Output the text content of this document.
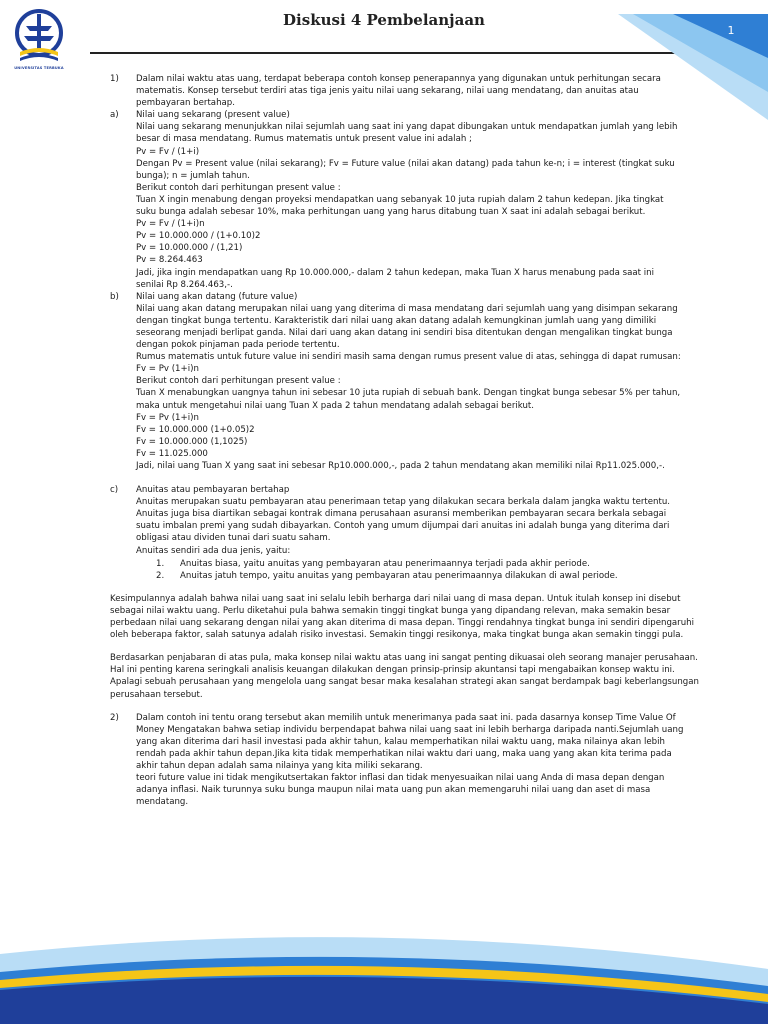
UNIVERSITAS TERBUKA
Diskusi 4 Pembelanjaan
1
1)	Dalam nilai waktu atas uang, terdapat beberapa contoh konsep penerapannya yang digunakan untuk perhitungan secara matematis. Konsep tersebut terdiri atas tiga jenis yaitu nilai uang sekarang, nilai uang mendatang, dan anuitas atau pembayaran bertahap.

a)	Nilai uang sekarang (present value)
Nilai uang sekarang menunjukkan nilai sejumlah uang saat ini yang dapat dibungakan untuk mendapatkan jumlah yang lebih besar di masa mendatang. Rumus matematis untuk present value ini adalah ;
Pv = Fv / (1+i)
Dengan Pv = Present value (nilai sekarang); Fv = Future value (nilai akan datang) pada tahun ke-n; i = interest (tingkat suku bunga); n = jumlah tahun.
Berikut contoh dari perhitungan present value :
Tuan X ingin menabung dengan proyeksi mendapatkan uang sebanyak 10 juta rupiah dalam 2 tahun kedepan. Jika tingkat suku bunga adalah sebesar 10%, maka perhitungan uang yang harus ditabung tuan X saat ini adalah sebagai berikut.
Pv = Fv / (1+i)n
Pv = 10.000.000 / (1+0.10)2
Pv = 10.000.000 / (1,21)
Pv = 8.264.463
Jadi, jika ingin mendapatkan uang Rp 10.000.000,- dalam 2 tahun kedepan, maka Tuan X harus menabung pada saat ini senilai Rp 8.264.463,-.
b)	Nilai uang akan datang (future value)
Nilai uang akan datang merupakan nilai uang yang diterima di masa mendatang dari sejumlah uang yang disimpan sekarang dengan tingkat bunga tertentu. Karakteristik dari nilai uang akan datang adalah kemungkinan jumlah uang yang dimiliki seseorang menjadi berlipat ganda. Nilai dari uang akan datang ini sendiri bisa ditentukan dengan mengalikan tingkat bunga dengan pokok pinjaman pada periode tertentu.
Rumus matematis untuk future value ini sendiri masih sama dengan rumus present value di atas, sehingga di dapat rumusan:
Fv = Pv (1+i)n
Berikut contoh dari perhitungan present value :
Tuan X menabungkan uangnya tahun ini sebesar 10 juta rupiah di sebuah bank. Dengan tingkat bunga sebesar 5% per tahun, maka untuk mengetahui nilai uang Tuan X pada 2 tahun mendatang adalah sebagai berikut.
Fv = Pv (1+i)n
Fv = 10.000.000 (1+0.05)2
Fv = 10.000.000 (1,1025)
Fv = 11.025.000
Jadi, nilai uang Tuan X yang saat ini sebesar Rp10.000.000,-, pada 2 tahun mendatang akan memiliki nilai Rp11.025.000,-.
c)	Anuitas atau pembayaran bertahap
Anuitas merupakan suatu pembayaran atau penerimaan tetap yang dilakukan secara berkala dalam jangka waktu tertentu. Anuitas juga bisa diartikan sebagai kontrak dimana perusahaan asuransi memberikan pembayaran secara berkala sebagai suatu imbalan premi yang sudah dibayarkan. Contoh yang umum dijumpai dari anuitas ini adalah bunga yang diterima dari obligasi atau dividen tunai dari suatu saham.
Anuitas sendiri ada dua jenis, yaitu:
1.	Anuitas biasa, yaitu anuitas yang pembayaran atau penerimaannya terjadi pada akhir periode.
2.	Anuitas jatuh tempo, yaitu anuitas yang pembayaran atau penerimaannya dilakukan di awal periode.

Kesimpulannya adalah bahwa nilai uang saat ini selalu lebih berharga dari nilai uang di masa depan. Untuk itulah konsep ini disebut sebagai nilai waktu uang. Perlu diketahui pula bahwa semakin tinggi tingkat bunga yang dipandang relevan, maka semakin besar perbedaan nilai uang sekarang dengan nilai yang akan diterima di masa depan. Tinggi rendahnya tingkat bunga ini sendiri dipengaruhi oleh beberapa faktor, salah satunya adalah risiko investasi. Semakin tinggi resikonya, maka tingkat bunga akan semakin tinggi pula.

Berdasarkan penjabaran di atas pula, maka konsep nilai waktu atas uang ini sangat penting dikuasai oleh seorang manajer perusahaan. Hal ini penting karena seringkali analisis keuangan dilakukan dengan prinsip-prinsip akuntansi tapi mengabaikan konsep waktu ini. Apalagi sebuah perusahaan yang mengelola uang sangat besar maka kesalahan strategi akan sangat berdampak bagi keberlangsungan perusahaan tersebut.

2)	Dalam contoh ini tentu orang tersebut akan memilih untuk menerimanya pada saat ini. pada dasarnya konsep Time Value Of Money Mengatakan bahwa setiap individu berpendapat bahwa nilai uang saat ini lebih berharga daripada nanti.Sejumlah uang yang akan diterima dari hasil investasi pada akhir tahun, kalau memperhatikan nilai waktu uang, maka nilainya akan lebih rendah pada akhir tahun depan.Jika kita tidak memperhatikan nilai waktu dari uang, maka uang yang akan kita terima pada akhir tahun depan adalah sama nilainya yang kita miliki sekarang.
teori future value ini tidak mengikutsertakan faktor inflasi dan tidak menyesuaikan nilai uang Anda di masa depan dengan adanya inflasi. Naik turunnya suku bunga maupun nilai mata uang pun akan memengaruhi nilai uang dan aset di masa mendatang.
